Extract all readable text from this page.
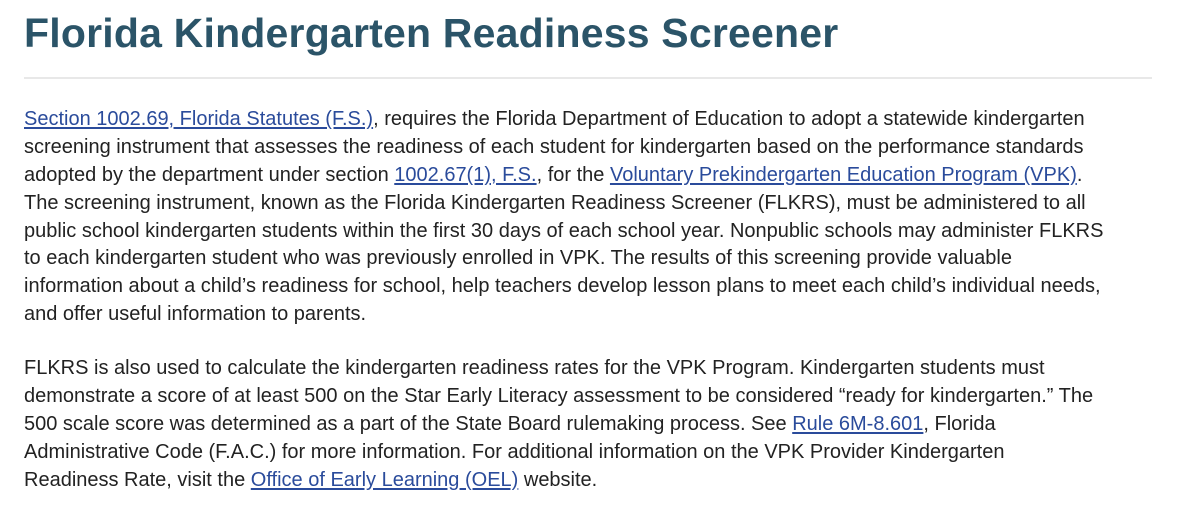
Florida Kindergarten Readiness Screener
Section 1002.69, Florida Statutes (F.S.), requires the Florida Department of Education to adopt a statewide kindergarten
screening instrument that assesses the readiness of each student for kindergarten based on the performance standards
adopted by the department under section 1002.67(1), F.S., for the Voluntary Prekindergarten Education Program (VPK).
The screening instrument, known as the Florida Kindergarten Readiness Screener (FLKRS), must be administered to all
public school kindergarten students within the first 30 days of each school year. Nonpublic schools may administer FLKRS
to each kindergarten student who was previously enrolled in VPK. The results of this screening provide valuable
information about a child’s readiness for school, help teachers develop lesson plans to meet each child’s individual needs,
and offer useful information to parents.
FLKRS is also used to calculate the kindergarten readiness rates for the VPK Program. Kindergarten students must
demonstrate a score of at least 500 on the Star Early Literacy assessment to be considered “ready for kindergarten.” The
500 scale score was determined as a part of the State Board rulemaking process. See Rule 6M-8.601, Florida
Administrative Code (F.A.C.) for more information. For additional information on the VPK Provider Kindergarten
Readiness Rate, visit the Office of Early Learning (OEL) website.
